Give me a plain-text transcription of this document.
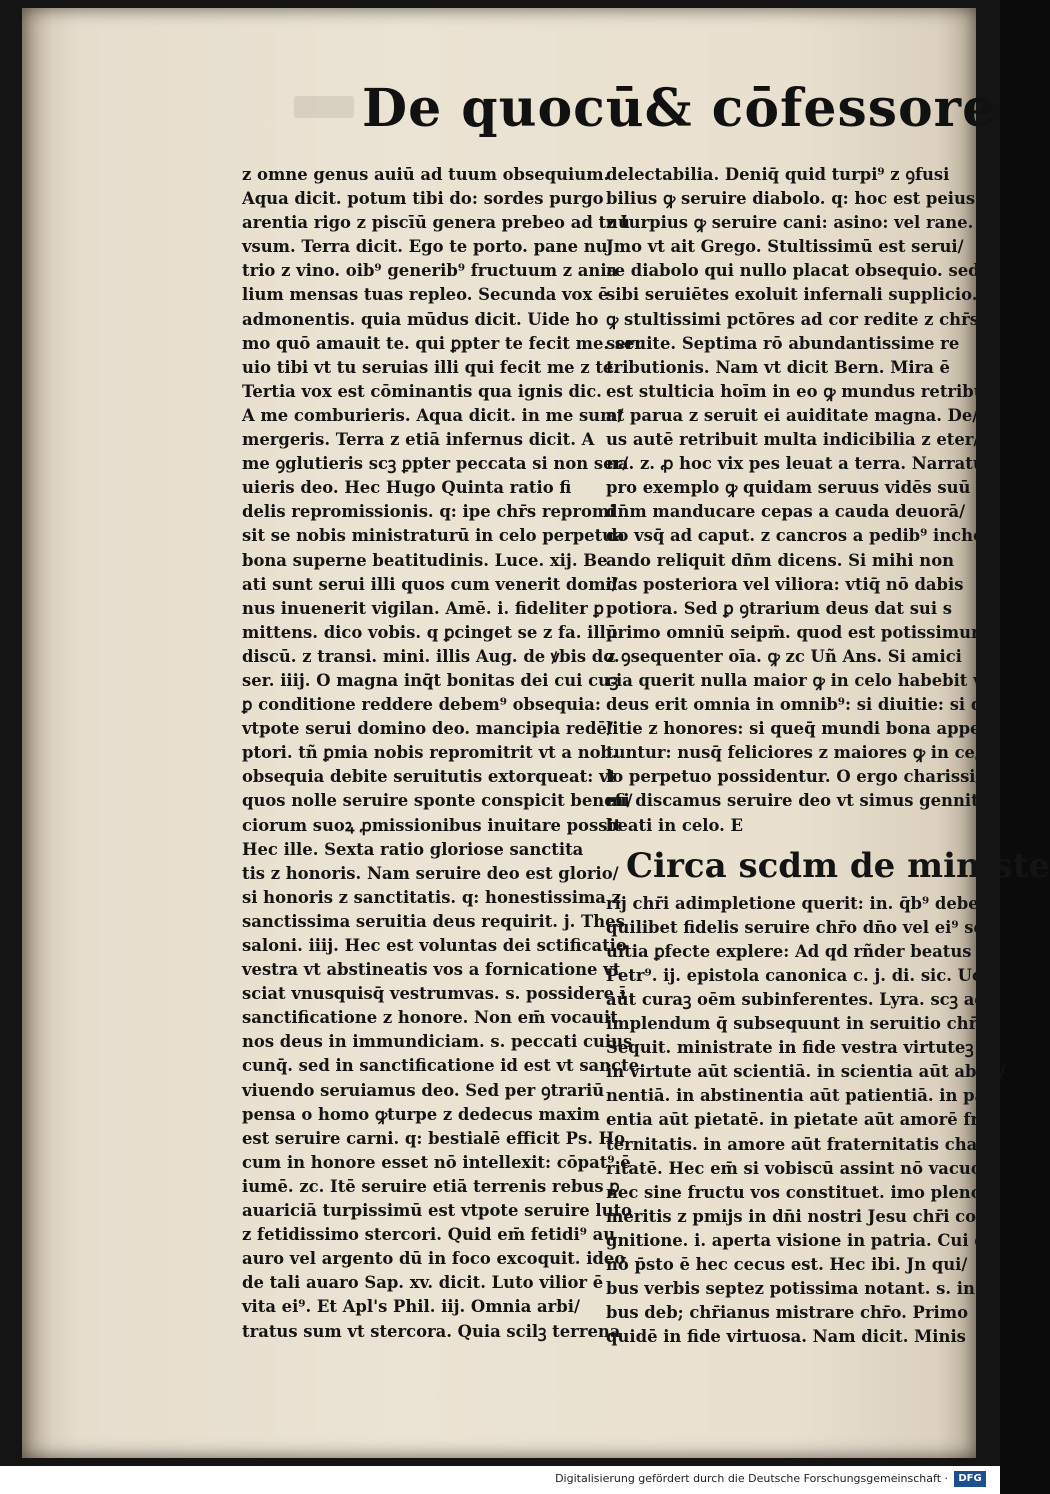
De quocū& cōfessore
z omne genus auiū ad tuum obsequium.
Aqua dicit. potum tibi do: sordes purgo
arentia rigo z piscīū genera prebeo ad tuū
vsum. Terra dicit. Ego te porto. pane nu
trio z vino. oib⁹ generib⁹ fructuum z ania
lium mensas tuas repleo. Secunda vox ē
admonentis. quia mūdus dicit. Uide ho
mo quō amauit te. qui ꝑpter te fecit me. ser
uio tibi vt tu seruias illi qui fecit me z te.
Tertia vox est cōminantis qua ignis dic.
A me comburieris. Aqua dicit. in me sum/
mergeris. Terra z etiā infernus dicit. A
me ꝯglutieris scꝫ ꝑpter peccata si non ser/
uieris deo. Hec Hugo Quinta ratio fi
delis repromissionis. q: ipe chr̄s repromi
sit se nobis ministraturū in celo perpetua
bona superne beatitudinis. Luce. xij. Be
ati sunt serui illi quos cum venerit domi/
nus inuenerit vigilan. Amē. i. fideliter ꝑ
mittens. dico vobis. q ꝑcinget se z fa. illū
discū. z transi. mini. illis Aug. de ꝟbis do.
ser. iiij. O magna inq̄t bonitas dei cui cuꝫ
ꝑ conditione reddere debem⁹ obsequia:
vtpote serui domino deo. mancipia redē/
ptori. tñ ꝑmia nobis repromitrit vt a nob.
obsequia debite seruitutis extorqueat: vt
quos nolle seruire sponte conspicit benefi/
ciorum suoꝝ ꝓmissionibus inuitare possit
Hec ille. Sexta ratio gloriose sanctita
tis z honoris. Nam seruire deo est glorio/
si honoris z sanctitatis. q: honestissima z
sanctissima seruitia deus requirit. j. Thes
saloni. iiij. Hec est voluntas dei sctificatio
vestra vt abstineatis vos a fornicatione vt
sciat vnusquisq̄ vestrumvas. s. possidere ī
sanctificatione z honore. Non em̄ vocauit
nos deus in immundiciam. s. peccati cuius
cunq̄. sed in sanctificatione id est vt sancte
viuendo seruiamus deo. Sed per ꝯtrariū
pensa o homo ꝙturpe z dedecus maxim
est seruire carni. q: bestialē efficit Ps. Ho
cum in honore esset nō intellexit: cōpat⁹ ē
iumē. zc. Itē seruire etiā terrenis rebus ꝑ
auariciā turpissimū est vtpote seruire luto
z fetidissimo stercori. Quid em̄ fetidi⁹ au
auro vel argento dū in foco excoquit. ideo
de tali auaro Sap. xv. dicit. Luto vilior ē
vita ei⁹. Et Apl's Phil. iij. Omnia arbi/
tratus sum vt stercora. Quia scilꝫ terrena
delectabilia. Deniq̄ quid turpi⁹ z ꝯfusi
bilius ꝙ seruire diabolo. q: hoc est peius
z turpius ꝙ seruire cani: asino: vel rane.
Jmo vt ait Grego. Stultissimū est serui/
re diabolo qui nullo placat obsequio. sed
sibi seruiētes exoluit infernali supplicio. O
ꝙ stultissimi pctōres ad cor redite z chr̄sto
seruite. Septima rō abundantissime re
tributionis. Nam vt dicit Bern. Mira ē
est stulticia hoīm in eo ꝙ mundus retribu
at parua z seruit ei auiditate magna. De/
us autē retribuit multa indicibilia z eter/
na. z. ꝓ hoc vix pes leuat a terra. Narratur
pro exemplo ꝙ quidam seruus vidēs suū
dn̄m manducare cepas a cauda deuorā/
do vsq̄ ad caput. z cancros a pedib⁹ incho
ando reliquit dn̄m dicens. Si mihi non
das posteriora vel viliora: vtiq̄ nō dabis
potiora. Sed ꝑ ꝯtrarium deus dat sui s
primo omniū seipm̄. quod est potissimum
z ꝯsequenter oīa. ꝙ zc Uñ Ans. Si amici
cia querit nulla maior ꝙ in celo habebit vbi
deus erit omnia in omnib⁹: si diuitie: si de
litie z honores: si queq̄ mundi bona appe
tuntur: nusq̄ feliciores z maiores ꝙ in ce/
lo perpetuo possidentur. O ergo charissi/
mi discamus seruire deo vt simus gennit
beati in celo. E
Circa scdm de ministe
rij chr̄i adimpletione querit: in. q̄b⁹ debeat
quilibet fidelis seruire chr̄o dn̄o vel ei⁹ ser
uitia ꝑfecte explere: Ad qd rñder beatus
Petr⁹. ij. epistola canonica c. j. di. sic. Uos
aūt curaꝫ oēm subinferentes. Lyra. scꝫ ad
implendum q̄ subsequunt in seruitio chr̄i.
Sequit. ministrate in fide vestra virtuteꝫ
in virtute aūt scientiā. in scientia aūt absti/
nentiā. in abstinentia aūt patientiā. in pati
entia aūt pietatē. in pietate aūt amorē fra
ternitatis. in amore aūt fraternitatis cha/
ritatē. Hec em̄ si vobiscū assint nō vacuos
nec sine fructu vos constituet. imo plenos
meritis z pmijs in dn̄i nostri Jesu chr̄i co
gnitione. i. aperta visione in patria. Cui ei
nō p̄sto ē hec cecus est. Hec ibi. Jn qui/
bus verbis septez potissima notant. s. in q̄
bus deb; chr̄ianus mistrare chr̄o. Primo
quidē in fide virtuosa. Nam dicit. Minis
Digitalisierung gefördert durch die Deutsche Forschungsgemeinschaft ·	DFG
